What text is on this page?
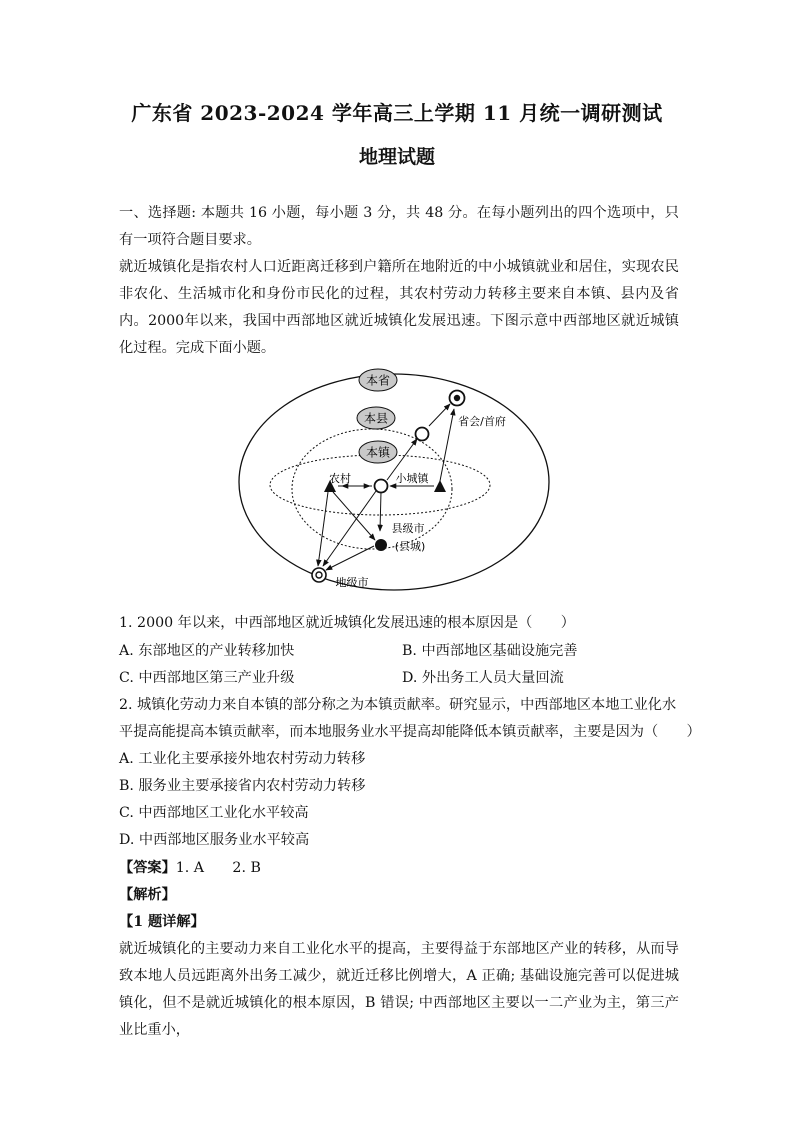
广东省 2023-2024 学年高三上学期 11 月统一调研测试
地理试题
一、选择题: 本题共 16 小题，每小题 3 分，共 48 分。在每小题列出的四个选项中，只有一项符合题目要求。
就近城镇化是指农村人口近距离迁移到户籍所在地附近的中小城镇就业和居住，实现农民非农化、生活城市化和身份市民化的过程，其农村劳动力转移主要来自本镇、县内及省内。2000年以来，我国中西部地区就近城镇化发展迅速。下图示意中西部地区就近城镇化过程。完成下面小题。
本省
本县
本镇
农村	小城镇
省会/首府
县级市
(县城)
地级市
1. 2000 年以来，中西部地区就近城镇化发展迅速的根本原因是（　　）
A. 东部地区的产业转移加快	B. 中西部地区基础设施完善
C. 中西部地区第三产业升级	D. 外出务工人员大量回流
2. 城镇化劳动力来自本镇的部分称之为本镇贡献率。研究显示，中西部地区本地工业化水
平提高能提高本镇贡献率，而本地服务业水平提高却能降低本镇贡献率，主要是因为（　　）
A. 工业化主要承接外地农村劳动力转移
B. 服务业主要承接省内农村劳动力转移
C. 中西部地区工业化水平较高
D. 中西部地区服务业水平较高
【答案】1. A　　2. B
【解析】
【1 题详解】
就近城镇化的主要动力来自工业化水平的提高，主要得益于东部地区产业的转移，从而导致本地人员远距离外出务工减少，就近迁移比例增大，A 正确; 基础设施完善可以促进城镇化，但不是就近城镇化的根本原因，B 错误; 中西部地区主要以一二产业为主，第三产业比重小，
